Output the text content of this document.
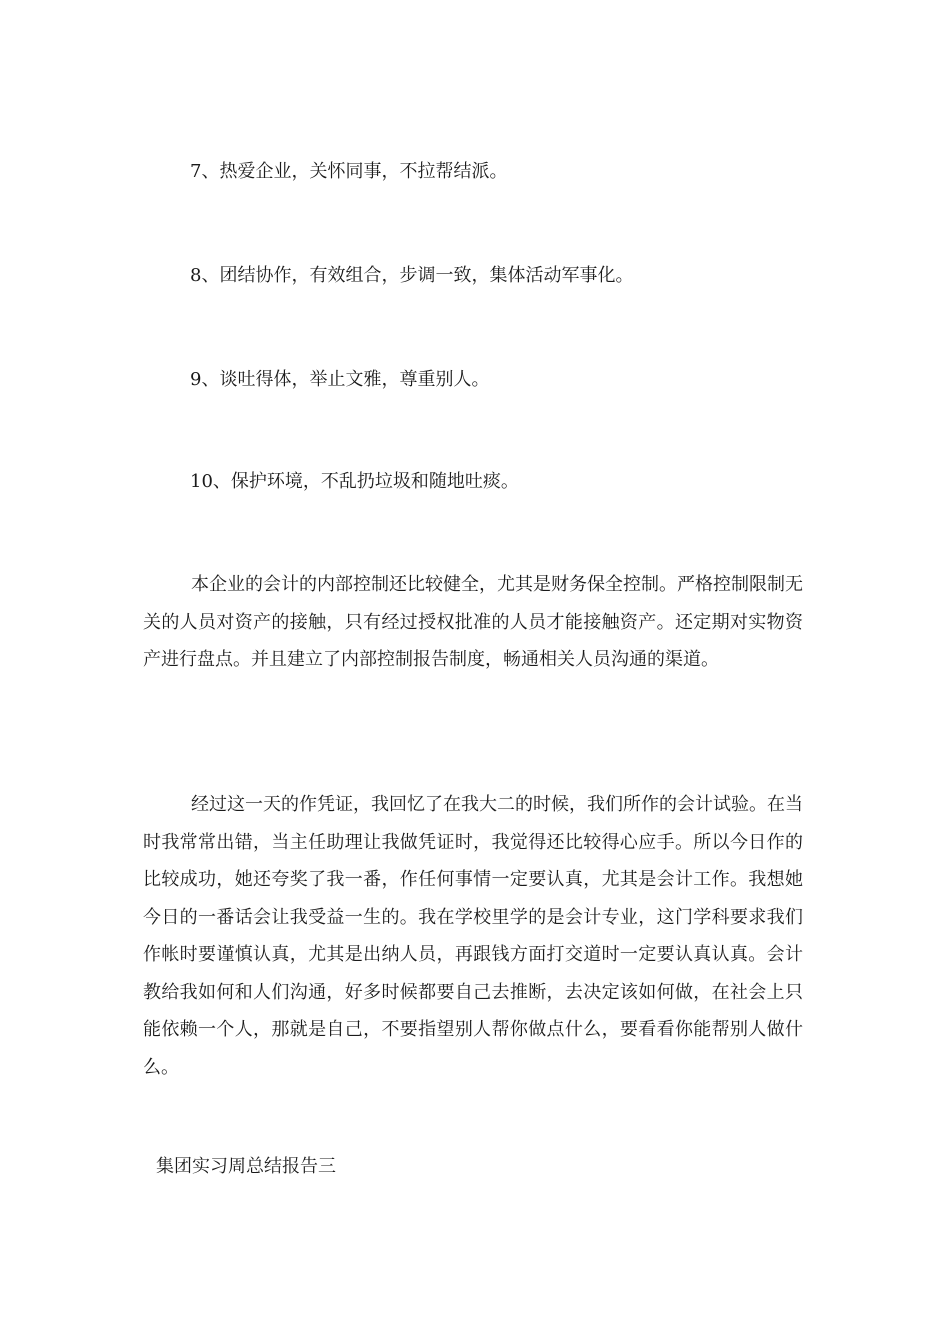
7、热爱企业，关怀同事，不拉帮结派。
8、团结协作，有效组合，步调一致，集体活动军事化。
9、谈吐得体，举止文雅，尊重别人。
10、保护环境，不乱扔垃圾和随地吐痰。

本企业的会计的内部控制还比较健全，尤其是财务保全控制。严格控制限制无关的人员对资产的接触，只有经过授权批准的人员才能接触资产。还定期对实物资产进行盘点。并且建立了内部控制报告制度，畅通相关人员沟通的渠道。

经过这一天的作凭证，我回忆了在我大二的时候，我们所作的会计试验。在当时我常常出错，当主任助理让我做凭证时，我觉得还比较得心应手。所以今日作的比较成功，她还夸奖了我一番，作任何事情一定要认真，尤其是会计工作。我想她今日的一番话会让我受益一生的。我在学校里学的是会计专业，这门学科要求我们作帐时要谨慎认真，尤其是出纳人员，再跟钱方面打交道时一定要认真认真。会计教给我如何和人们沟通，好多时候都要自己去推断，去决定该如何做，在社会上只能依赖一个人，那就是自己，不要指望别人帮你做点什么，要看看你能帮别人做什么。

集团实习周总结报告三
